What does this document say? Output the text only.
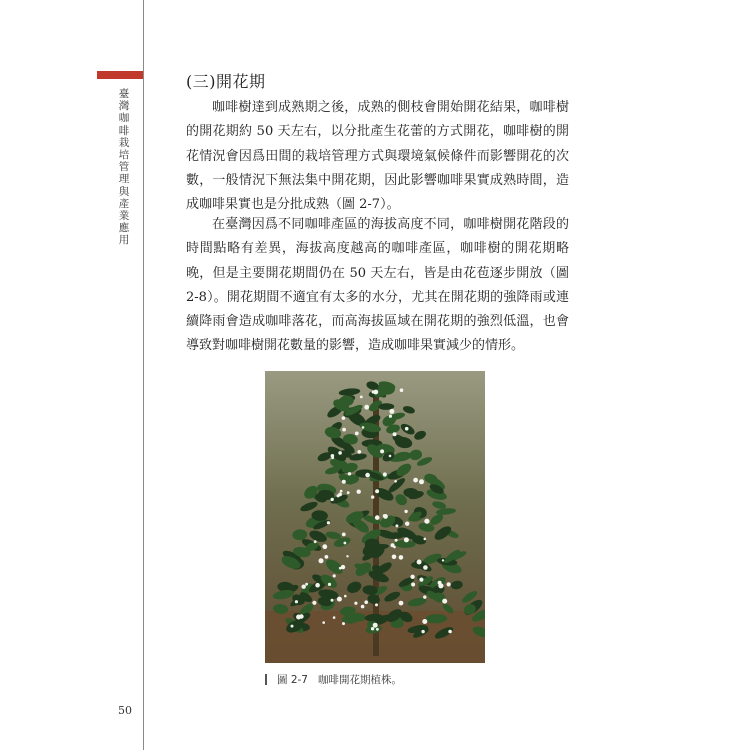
臺灣咖啡栽培管理與產業應用
50
(三)開花期

咖啡樹達到成熟期之後，成熟的側枝會開始開花結果，咖啡樹的開花期約 50 天左右，以分批產生花蕾的方式開花，咖啡樹的開花情況會因爲田間的栽培管理方式與環境氣候條件而影響開花的次數，一般情況下無法集中開花期，因此影響咖啡果實成熟時間，造成咖啡果實也是分批成熟（圖 2-7）。

在臺灣因爲不同咖啡產區的海拔高度不同，咖啡樹開花階段的時間點略有差異，海拔高度越高的咖啡產區，咖啡樹的開花期略晚，但是主要開花期間仍在 50 天左右，皆是由花苞逐步開放（圖 2-8）。開花期間不適宜有太多的水分，尤其在開花期的強降雨或連續降雨會造成咖啡落花，而高海拔區域在開花期的強烈低溫，也會導致對咖啡樹開花數量的影響，造成咖啡果實減少的情形。

圖 2-7 咖啡開花期植株。
